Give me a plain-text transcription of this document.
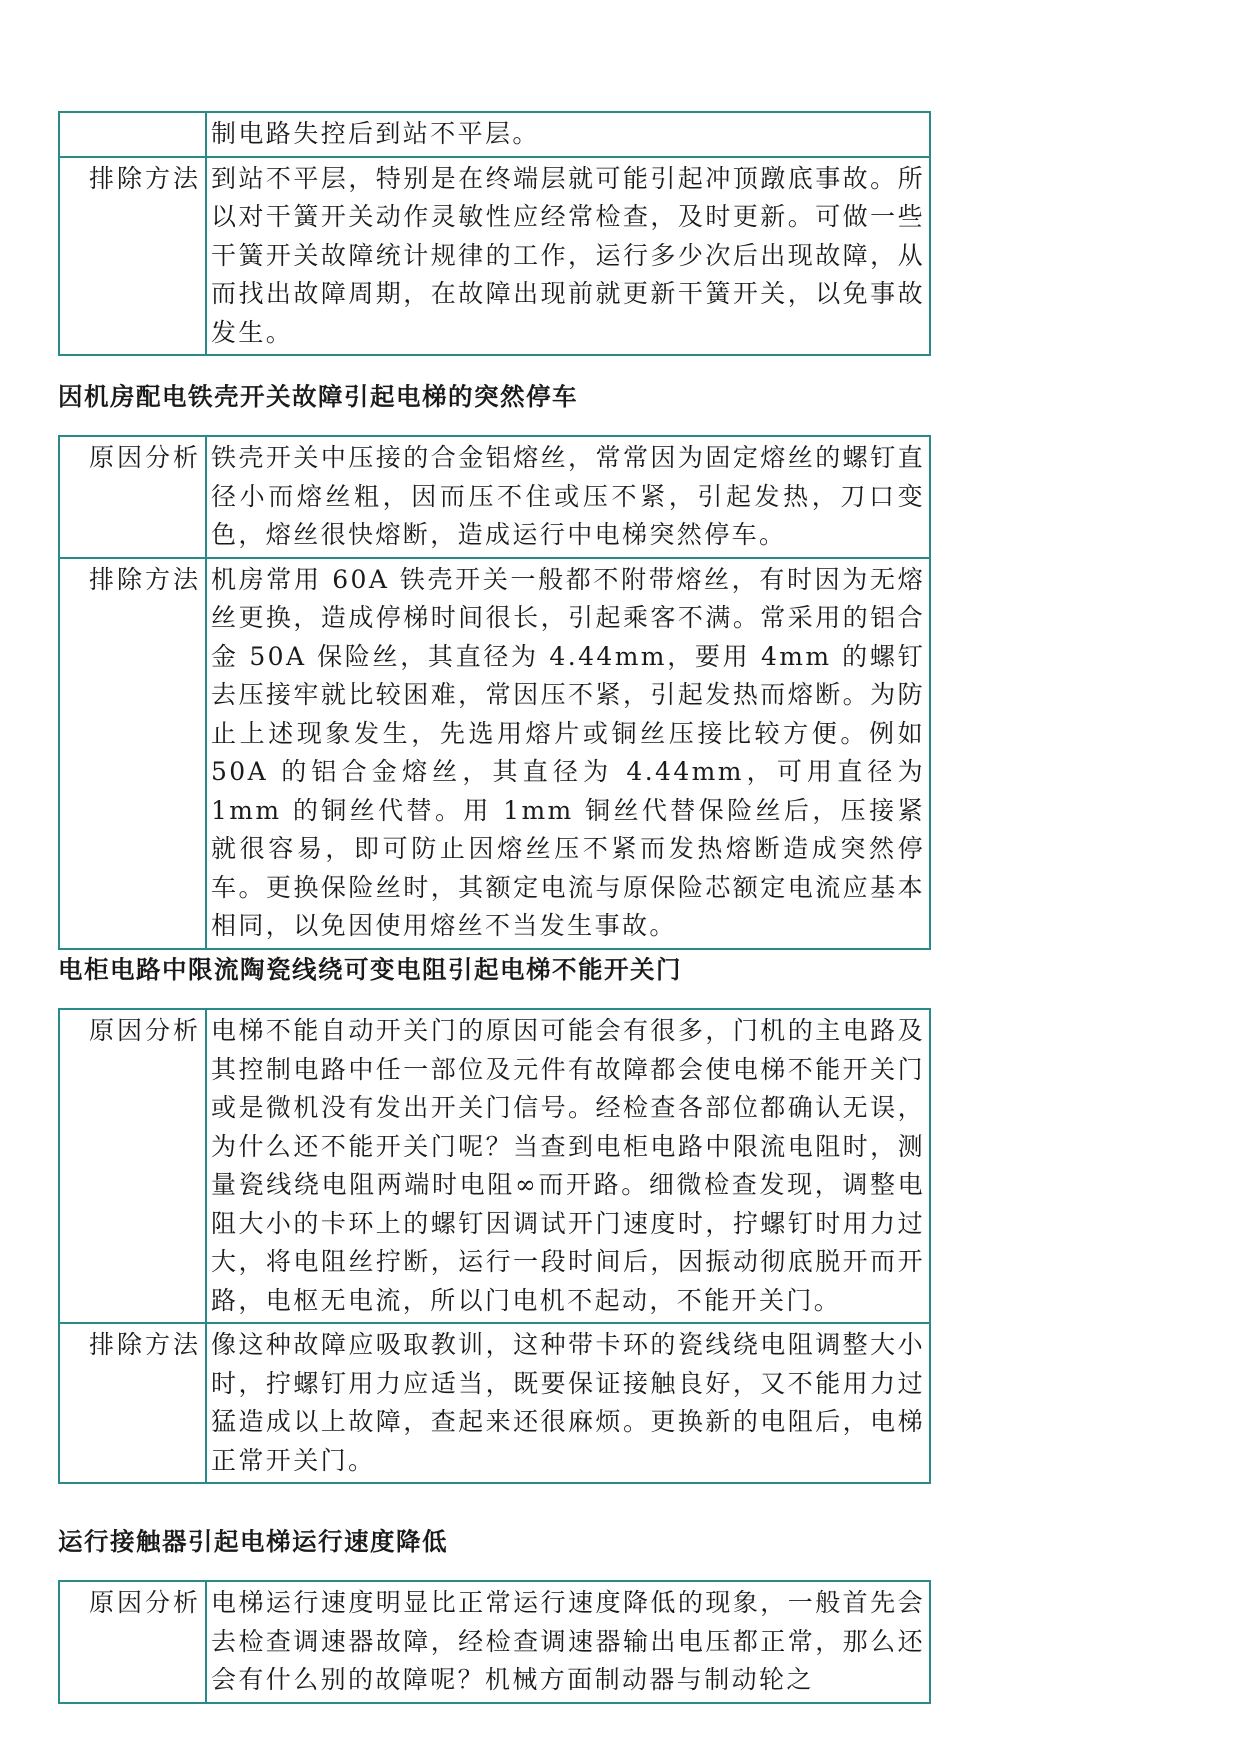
	制电路失控后到站不平层。
排除方法	到站不平层，特别是在终端层就可能引起冲顶蹾底事故。所以对干簧开关动作灵敏性应经常检查，及时更新。可做一些干簧开关故障统计规律的工作，运行多少次后出现故障，从而找出故障周期，在故障出现前就更新干簧开关，以免事故发生。
因机房配电铁壳开关故障引起电梯的突然停车
原因分析	铁壳开关中压接的合金铝熔丝，常常因为固定熔丝的螺钉直径小而熔丝粗，因而压不住或压不紧，引起发热，刀口变色，熔丝很快熔断，造成运行中电梯突然停车。
排除方法	机房常用 60A 铁壳开关一般都不附带熔丝，有时因为无熔丝更换，造成停梯时间很长，引起乘客不满。常采用的铝合金 50A 保险丝，其直径为 4.44mm，要用 4mm 的螺钉去压接牢就比较困难，常因压不紧，引起发热而熔断。为防止上述现象发生，先选用熔片或铜丝压接比较方便。例如 50A 的铝合金熔丝，其直径为 4.44mm，可用直径为 1mm 的铜丝代替。用 1mm 铜丝代替保险丝后，压接紧就很容易，即可防止因熔丝压不紧而发热熔断造成突然停车。更换保险丝时，其额定电流与原保险芯额定电流应基本相同，以免因使用熔丝不当发生事故。
电柜电路中限流陶瓷线绕可变电阻引起电梯不能开关门
原因分析	电梯不能自动开关门的原因可能会有很多，门机的主电路及其控制电路中任一部位及元件有故障都会使电梯不能开关门或是微机没有发出开关门信号。经检查各部位都确认无误，为什么还不能开关门呢？当查到电柜电路中限流电阻时，测量瓷线绕电阻两端时电阻∞而开路。细微检查发现，调整电阻大小的卡环上的螺钉因调试开门速度时，拧螺钉时用力过大，将电阻丝拧断，运行一段时间后，因振动彻底脱开而开路，电枢无电流，所以门电机不起动，不能开关门。
排除方法	像这种故障应吸取教训，这种带卡环的瓷线绕电阻调整大小时，拧螺钉用力应适当，既要保证接触良好，又不能用力过猛造成以上故障，查起来还很麻烦。更换新的电阻后，电梯正常开关门。
运行接触器引起电梯运行速度降低
原因分析	电梯运行速度明显比正常运行速度降低的现象，一般首先会去检查调速器故障，经检查调速器输出电压都正常，那么还会有什么别的故障呢？机械方面制动器与制动轮之
